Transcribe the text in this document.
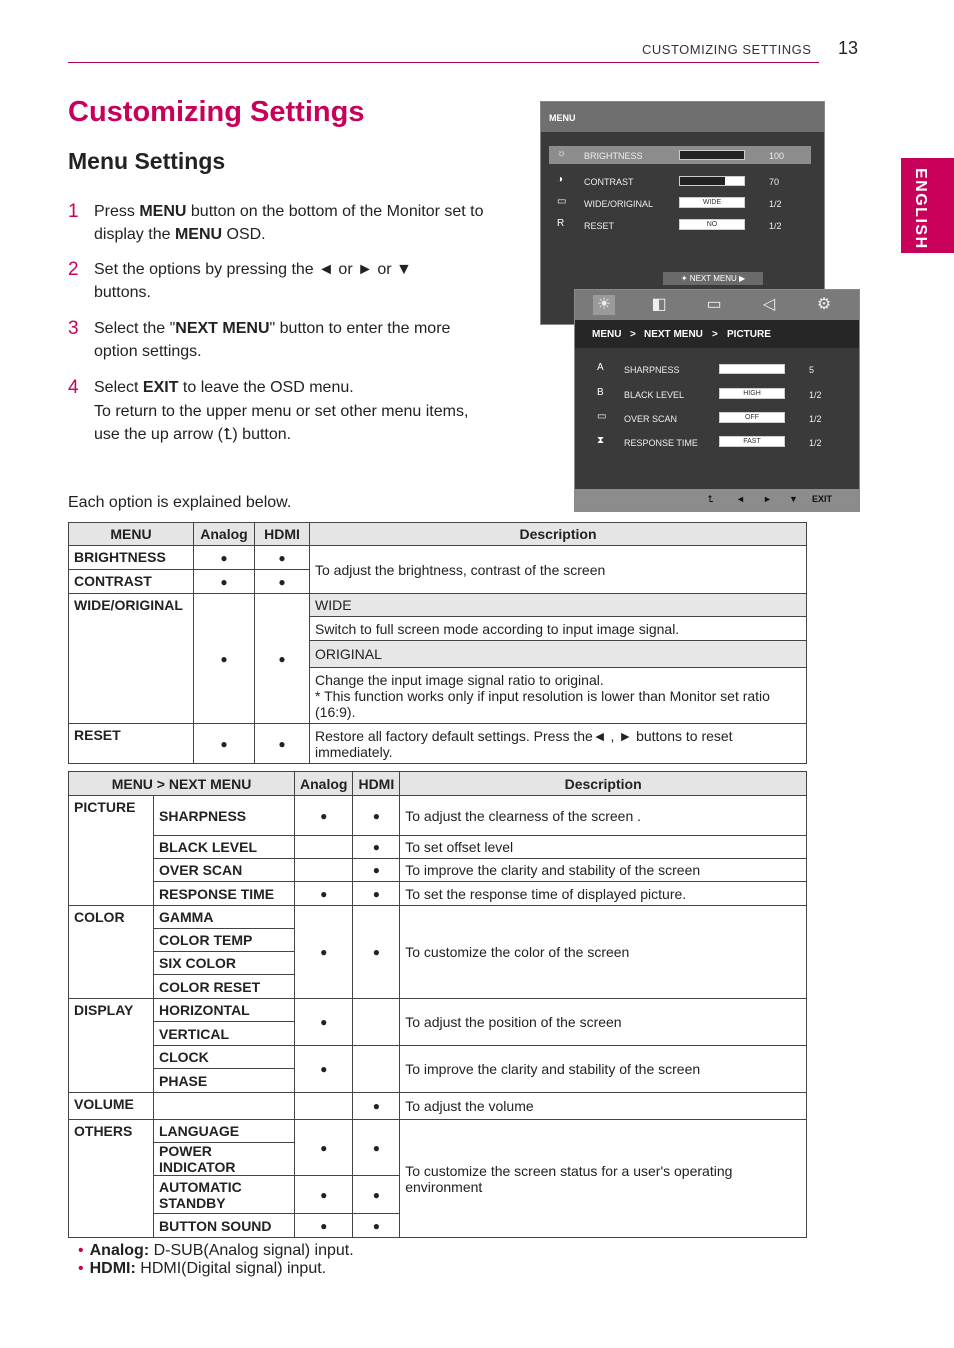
CUSTOMIZING SETTINGS 13
ENGLISH
Customizing Settings
Menu Settings
1 Press MENU button on the bottom of the Monitor set to display the MENU OSD.
2 Set the options by pressing the ◄ or ► or ▼ buttons.
3 Select the "NEXT MENU" button to enter the more option settings.
4 Select EXIT to leave the OSD menu.
To return to the upper menu or set other menu items, use the up arrow (⮤) button.
Each option is explained below.
MENU
☼ BRIGHTNESS	100
◑	CONTRAST	70
▭ WIDE/ORIGINAL	WIDE	1/2
R	RESET	NO	1/2
✦ NEXT MENU ▶
☀	◧ ▭	◁	⚙
MENU > NEXT MENU > PICTURE
A	SHARPNESS	5
B	BLACK LEVEL	HIGH	1/2
▭ OVER SCAN	OFF	1/2
⧗	RESPONSE TIME	FAST	1/2
⮤	◄ ► ▼ EXIT
MENU	Analog	HDMI	Description
BRIGHTNESS	●	●	To adjust the brightness, contrast of the screen
CONTRAST	●	●	
WIDE/ORIGINAL	●	●	WIDE
			Switch to full screen mode according to input image signal.
			ORIGINAL

			Change the input image signal ratio to original.
* This function works only if input resolution is lower than Monitor set ratio (16:9).

RESET	●	●	Restore all factory default settings. Press the◄ , ► buttons to reset immediately.
MENU > NEXT MENU		Analog	HDMI	Description
PICTURE	SHARPNESS	●	●	To adjust the clearness of the screen .
	BLACK LEVEL		●	To set offset level
	OVER SCAN		●	To improve the clarity and stability of the screen
	RESPONSE TIME	●	●	To set the response time of displayed picture.
COLOR	GAMMA	●	●	To customize the color of the screen
	COLOR TEMP			
	SIX COLOR			
	COLOR RESET			
DISPLAY	HORIZONTAL	●		To adjust the position of the screen
	VERTICAL			
	CLOCK	●		To improve the clarity and stability of the screen
	PHASE			
VOLUME			●	To adjust the volume
OTHERS	LANGUAGE	●	●	To customize the screen status for a user's operating environment
	POWER INDICATOR			
	AUTOMATIC STANDBY	●	●	
	BUTTON SOUND	●	●	
• Analog: D-SUB(Analog signal) input.
• HDMI: HDMI(Digital signal) input.
